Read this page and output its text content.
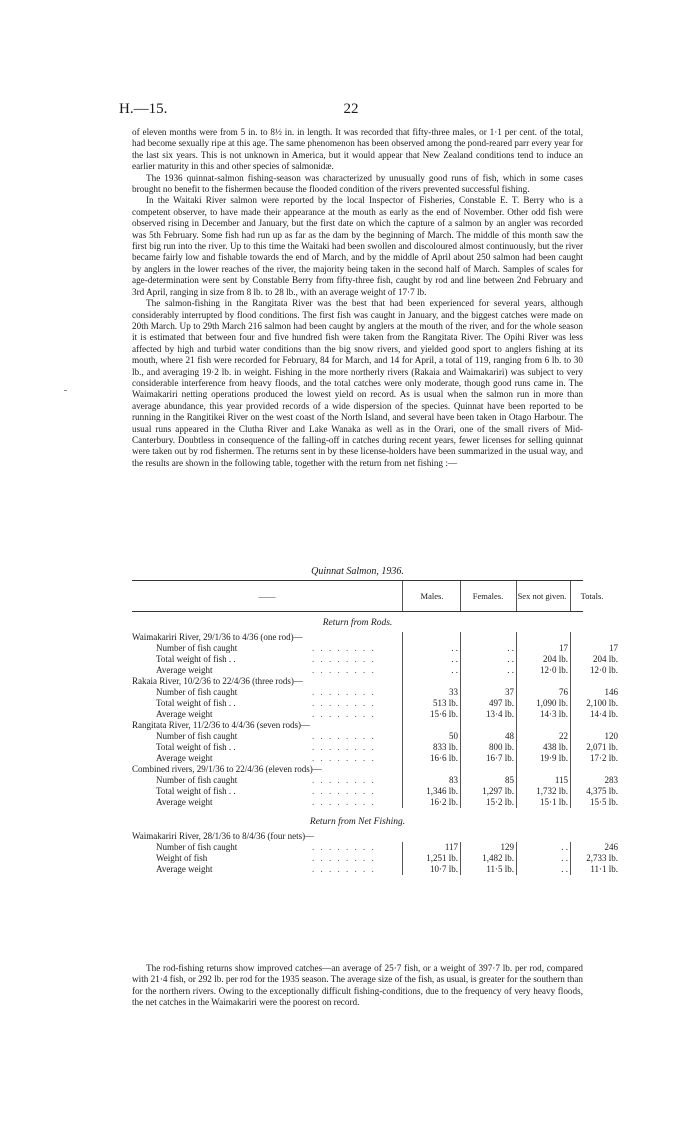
H.—15.	22

of eleven months were from 5 in. to 8½ in. in length. It was recorded that fifty-three males, or 1·1 per cent. of the total, had become sexually ripe at this age. The same phenomenon has been observed among the pond-reared parr every year for the last six years. This is not unknown in America, but it would appear that New Zealand conditions tend to induce an earlier maturity in this and other species of salmonidæ.

The 1936 quinnat-salmon fishing-season was characterized by unusually good runs of fish, which in some cases brought no benefit to the fishermen because the flooded condition of the rivers prevented successful fishing.

In the Waitaki River salmon were reported by the local Inspector of Fisheries, Constable E. T. Berry who is a competent observer, to have made their appearance at the mouth as early as the end of November. Other odd fish were observed rising in December and January, but the first date on which the capture of a salmon by an angler was recorded was 5th February. Some fish had run up as far as the dam by the beginning of March. The middle of this month saw the first big run into the river. Up to this time the Waitaki had been swollen and discoloured almost continuously, but the river became fairly low and fishable towards the end of March, and by the middle of April about 250 salmon had been caught by anglers in the lower reaches of the river, the majority being taken in the second half of March. Samples of scales for age-determination were sent by Constable Berry from fifty-three fish, caught by rod and line between 2nd February and 3rd April, ranging in size from 8 lb. to 28 lb., with an average weight of 17·7 lb.

The salmon-fishing in the Rangitata River was the best that had been experienced for several years, although considerably interrupted by flood conditions. The first fish was caught in January, and the biggest catches were made on 20th March. Up to 29th March 216 salmon had been caught by anglers at the mouth of the river, and for the whole season it is estimated that between four and five hundred fish were taken from the Rangitata River. The Opihi River was less affected by high and turbid water conditions than the big snow rivers, and yielded good sport to anglers fishing at its mouth, where 21 fish were recorded for February, 84 for March, and 14 for April, a total of 119, ranging from 6 lb. to 30 lb., and averaging 19·2 lb. in weight. Fishing in the more northerly rivers (Rakaia and Waimakariri) was subject to very considerable interference from heavy floods, and the total catches were only moderate, though good runs came in. The Waimakariri netting operations produced the lowest yield on record. As is usual when the salmon run in more than average abundance, this year provided records of a wide dispersion of the species. Quinnat have been reported to be running in the Rangitikei River on the west coast of the North Island, and several have been taken in Otago Harbour. The usual runs appeared in the Clutha River and Lake Wanaka as well as in the Orari, one of the small rivers of Mid-Canterbury. Doubtless in consequence of the falling-off in catches during recent years, fewer licenses for selling quinnat were taken out by rod fishermen. The returns sent in by these license-holders have been summarized in the usual way, and the results are shown in the following table, together with the return from net fishing :—

Quinnat Salmon, 1936.
——	Males.	Females.	Sex not given.	Totals.
Return from Rods.
Waimakariri River, 29/1/36 to 4/36 (one rod)—
Number of fish caught	. . . . . . . .	. .	. .	17	17
Total weight of fish . .	. . . . . . . .	. .	. .	204 lb.	204 lb.
Average weight	. . . . . . . .	. .	. .	12·0 lb.	12·0 lb.
Rakaia River, 10/2/36 to 22/4/36 (three rods)—
Number of fish caught	. . . . . . . .	33	37	76	146
Total weight of fish . .	. . . . . . . .	513 lb.	497 lb.	1,090 lb.	2,100 lb.
Average weight	. . . . . . . .	15·6 lb.	13·4 lb.	14·3 lb.	14·4 lb.
Rangitata River, 11/2/36 to 4/4/36 (seven rods)—
Number of fish caught	. . . . . . . .	50	48	22	120
Total weight of fish . .	. . . . . . . .	833 lb.	800 lb.	438 lb.	2,071 lb.
Average weight	. . . . . . . .	16·6 lb.	16·7 lb.	19·9 lb.	17·2 lb.
Combined rivers, 29/1/36 to 22/4/36 (eleven rods)—
Number of fish caught	. . . . . . . .	83	85	115	283
Total weight of fish . .	. . . . . . . .	1,346 lb.	1,297 lb.	1,732 lb.	4,375 lb.
Average weight	. . . . . . . .	16·2 lb.	15·2 lb.	15·1 lb.	15·5 lb.
Return from Net Fishing.
Waimakariri River, 28/1/36 to 8/4/36 (four nets)—
Number of fish caught	. . . . . . . .	117	129	. .	246
Weight of fish	. . . . . . . .	1,251 lb.	1,482 lb.	. .	2,733 lb.
Average weight	. . . . . . . .	10·7 lb.	11·5 lb.	. .	11·1 lb.

The rod-fishing returns show improved catches—an average of 25·7 fish, or a weight of 397·7 lb. per rod, compared with 21·4 fish, or 292 lb. per rod for the 1935 season. The average size of the fish, as usual, is greater for the southern than for the northern rivers. Owing to the exceptionally difficult fishing-conditions, due to the frequency of very heavy floods, the net catches in the Waimakariri were the poorest on record.
